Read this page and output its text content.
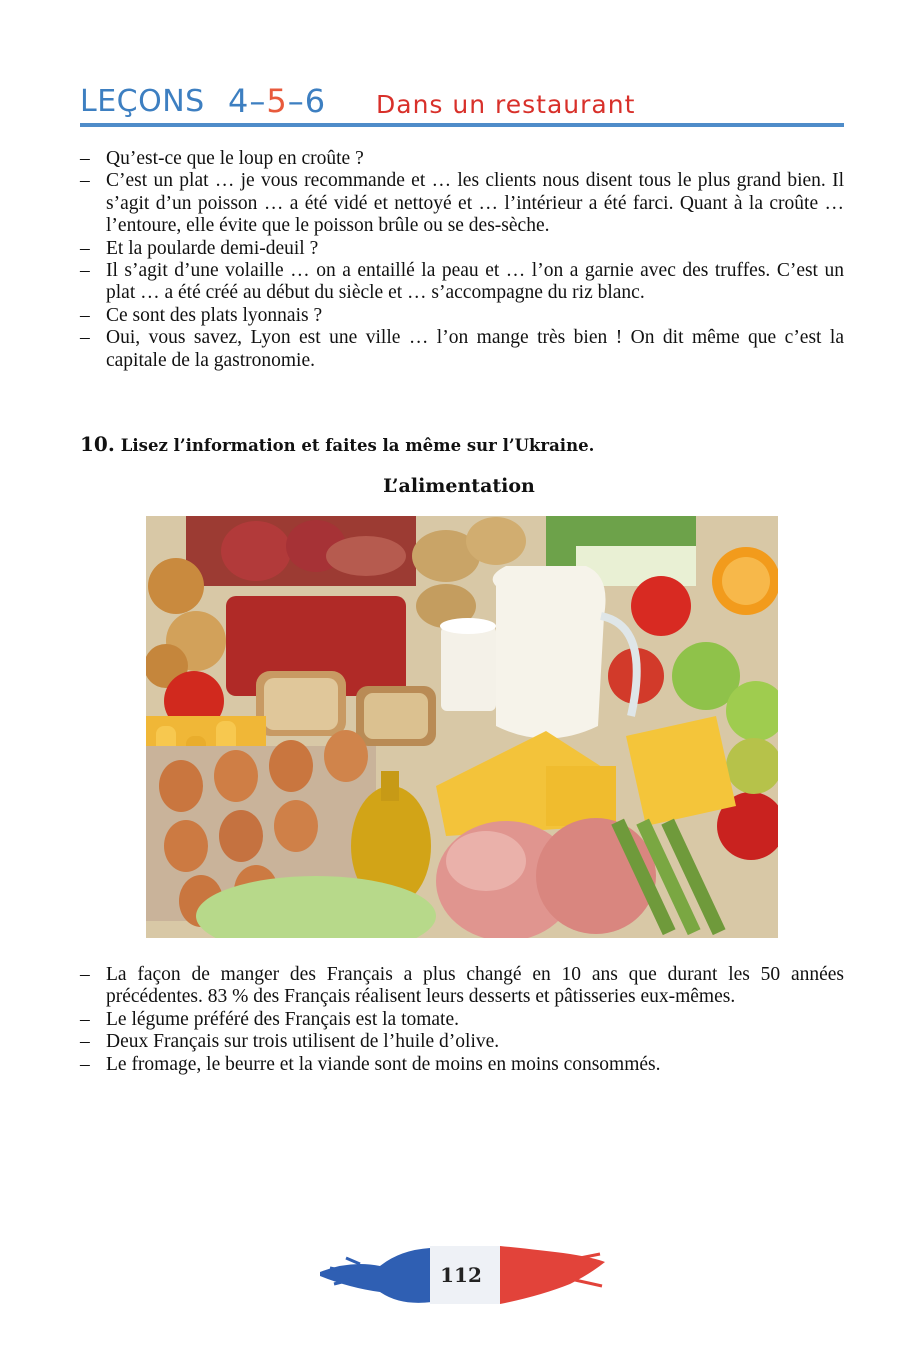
LEÇONS 4–5–6 Dans un restaurant
– Qu’est-ce que le loup en croûte ?
– C’est un plat … je vous recommande et … les clients nous disent tous le plus grand bien. Il s’agit d’un poisson … a été vidé et nettoyé et … l’intérieur a été farci. Quant à la croûte … l’entoure, elle évite que le poisson brûle ou se des-sèche.
– Et la poularde demi-deuil ?
– Il s’agit d’une volaille … on a entaillé la peau et … l’on a garnie avec des truffes. C’est un plat … a été créé au début du siècle et … s’accompagne du riz blanc.
– Ce sont des plats lyonnais ?
– Oui, vous savez, Lyon est une ville … l’on mange très bien ! On dit même que c’est la capitale de la gastronomie.
10. Lisez l’information et faites la même sur l’Ukraine.
L’alimentation
– La façon de manger des Français a plus changé en 10 ans que durant les 50 années précédentes. 83 % des Français réalisent leurs desserts et pâtisseries eux-mêmes.
– Le légume préféré des Français est la tomate.
– Deux Français sur trois utilisent de l’huile d’olive.
– Le fromage, le beurre et la viande sont de moins en moins consommés.
112
